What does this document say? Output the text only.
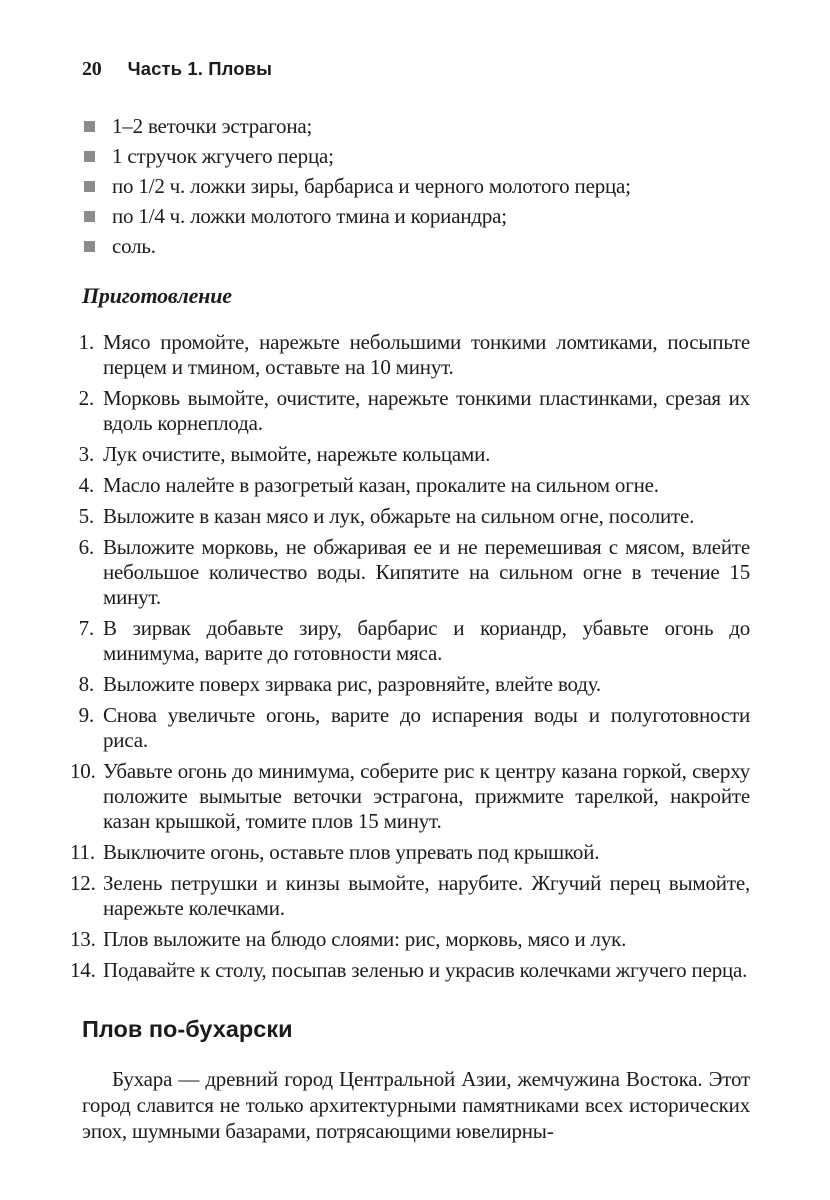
20 Часть 1. Пловы
1–2 веточки эстрагона;
1 стручок жгучего перца;
по 1/2 ч. ложки зиры, барбариса и черного молотого перца;
по 1/4 ч. ложки молотого тмина и кориандра;
соль.
Приготовление
1. Мясо промойте, нарежьте небольшими тонкими ломтиками, посыпьте перцем и тмином, оставьте на 10 минут.
2. Морковь вымойте, очистите, нарежьте тонкими пластинками, срезая их вдоль корнеплода.
3. Лук очистите, вымойте, нарежьте кольцами.
4. Масло налейте в разогретый казан, прокалите на сильном огне.
5. Выложите в казан мясо и лук, обжарьте на сильном огне, посолите.
6. Выложите морковь, не обжаривая ее и не перемешивая с мясом, влейте небольшое количество воды. Кипятите на сильном огне в течение 15 минут.
7. В зирвак добавьте зиру, барбарис и кориандр, убавьте огонь до минимума, варите до готовности мяса.
8. Выложите поверх зирвака рис, разровняйте, влейте воду.
9. Снова увеличьте огонь, варите до испарения воды и полуготовности риса.
10. Убавьте огонь до минимума, соберите рис к центру казана горкой, сверху положите вымытые веточки эстрагона, прижмите тарелкой, накройте казан крышкой, томите плов 15 минут.
11. Выключите огонь, оставьте плов упревать под крышкой.
12. Зелень петрушки и кинзы вымойте, нарубите. Жгучий перец вымойте, нарежьте колечками.
13. Плов выложите на блюдо слоями: рис, морковь, мясо и лук.
14. Подавайте к столу, посыпав зеленью и украсив колечками жгучего перца.
Плов по-бухарски

Бухара — древний город Центральной Азии, жемчужина Востока. Этот город славится не только архитектурными памятниками всех исторических эпох, шумными базарами, потрясающими ювелирны-
